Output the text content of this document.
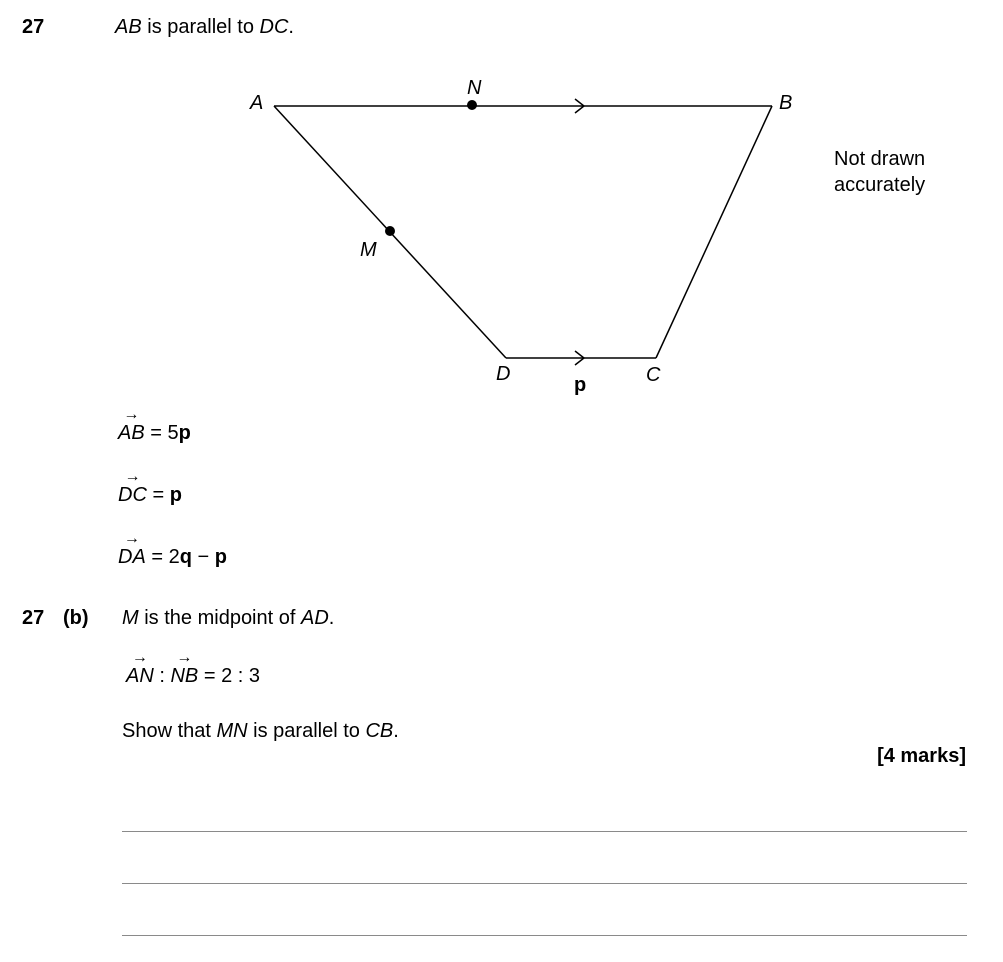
27	AB is parallel to DC.
A	B
C
D
M
N
p
Not drawn
accurately
→
AB = 5p
→
DC = p
→
DA = 2q − p
27 (b) M is the midpoint of AD.
→
AN :
→
NB = 2 : 3
Show that MN is parallel to CB.
[4 marks]
